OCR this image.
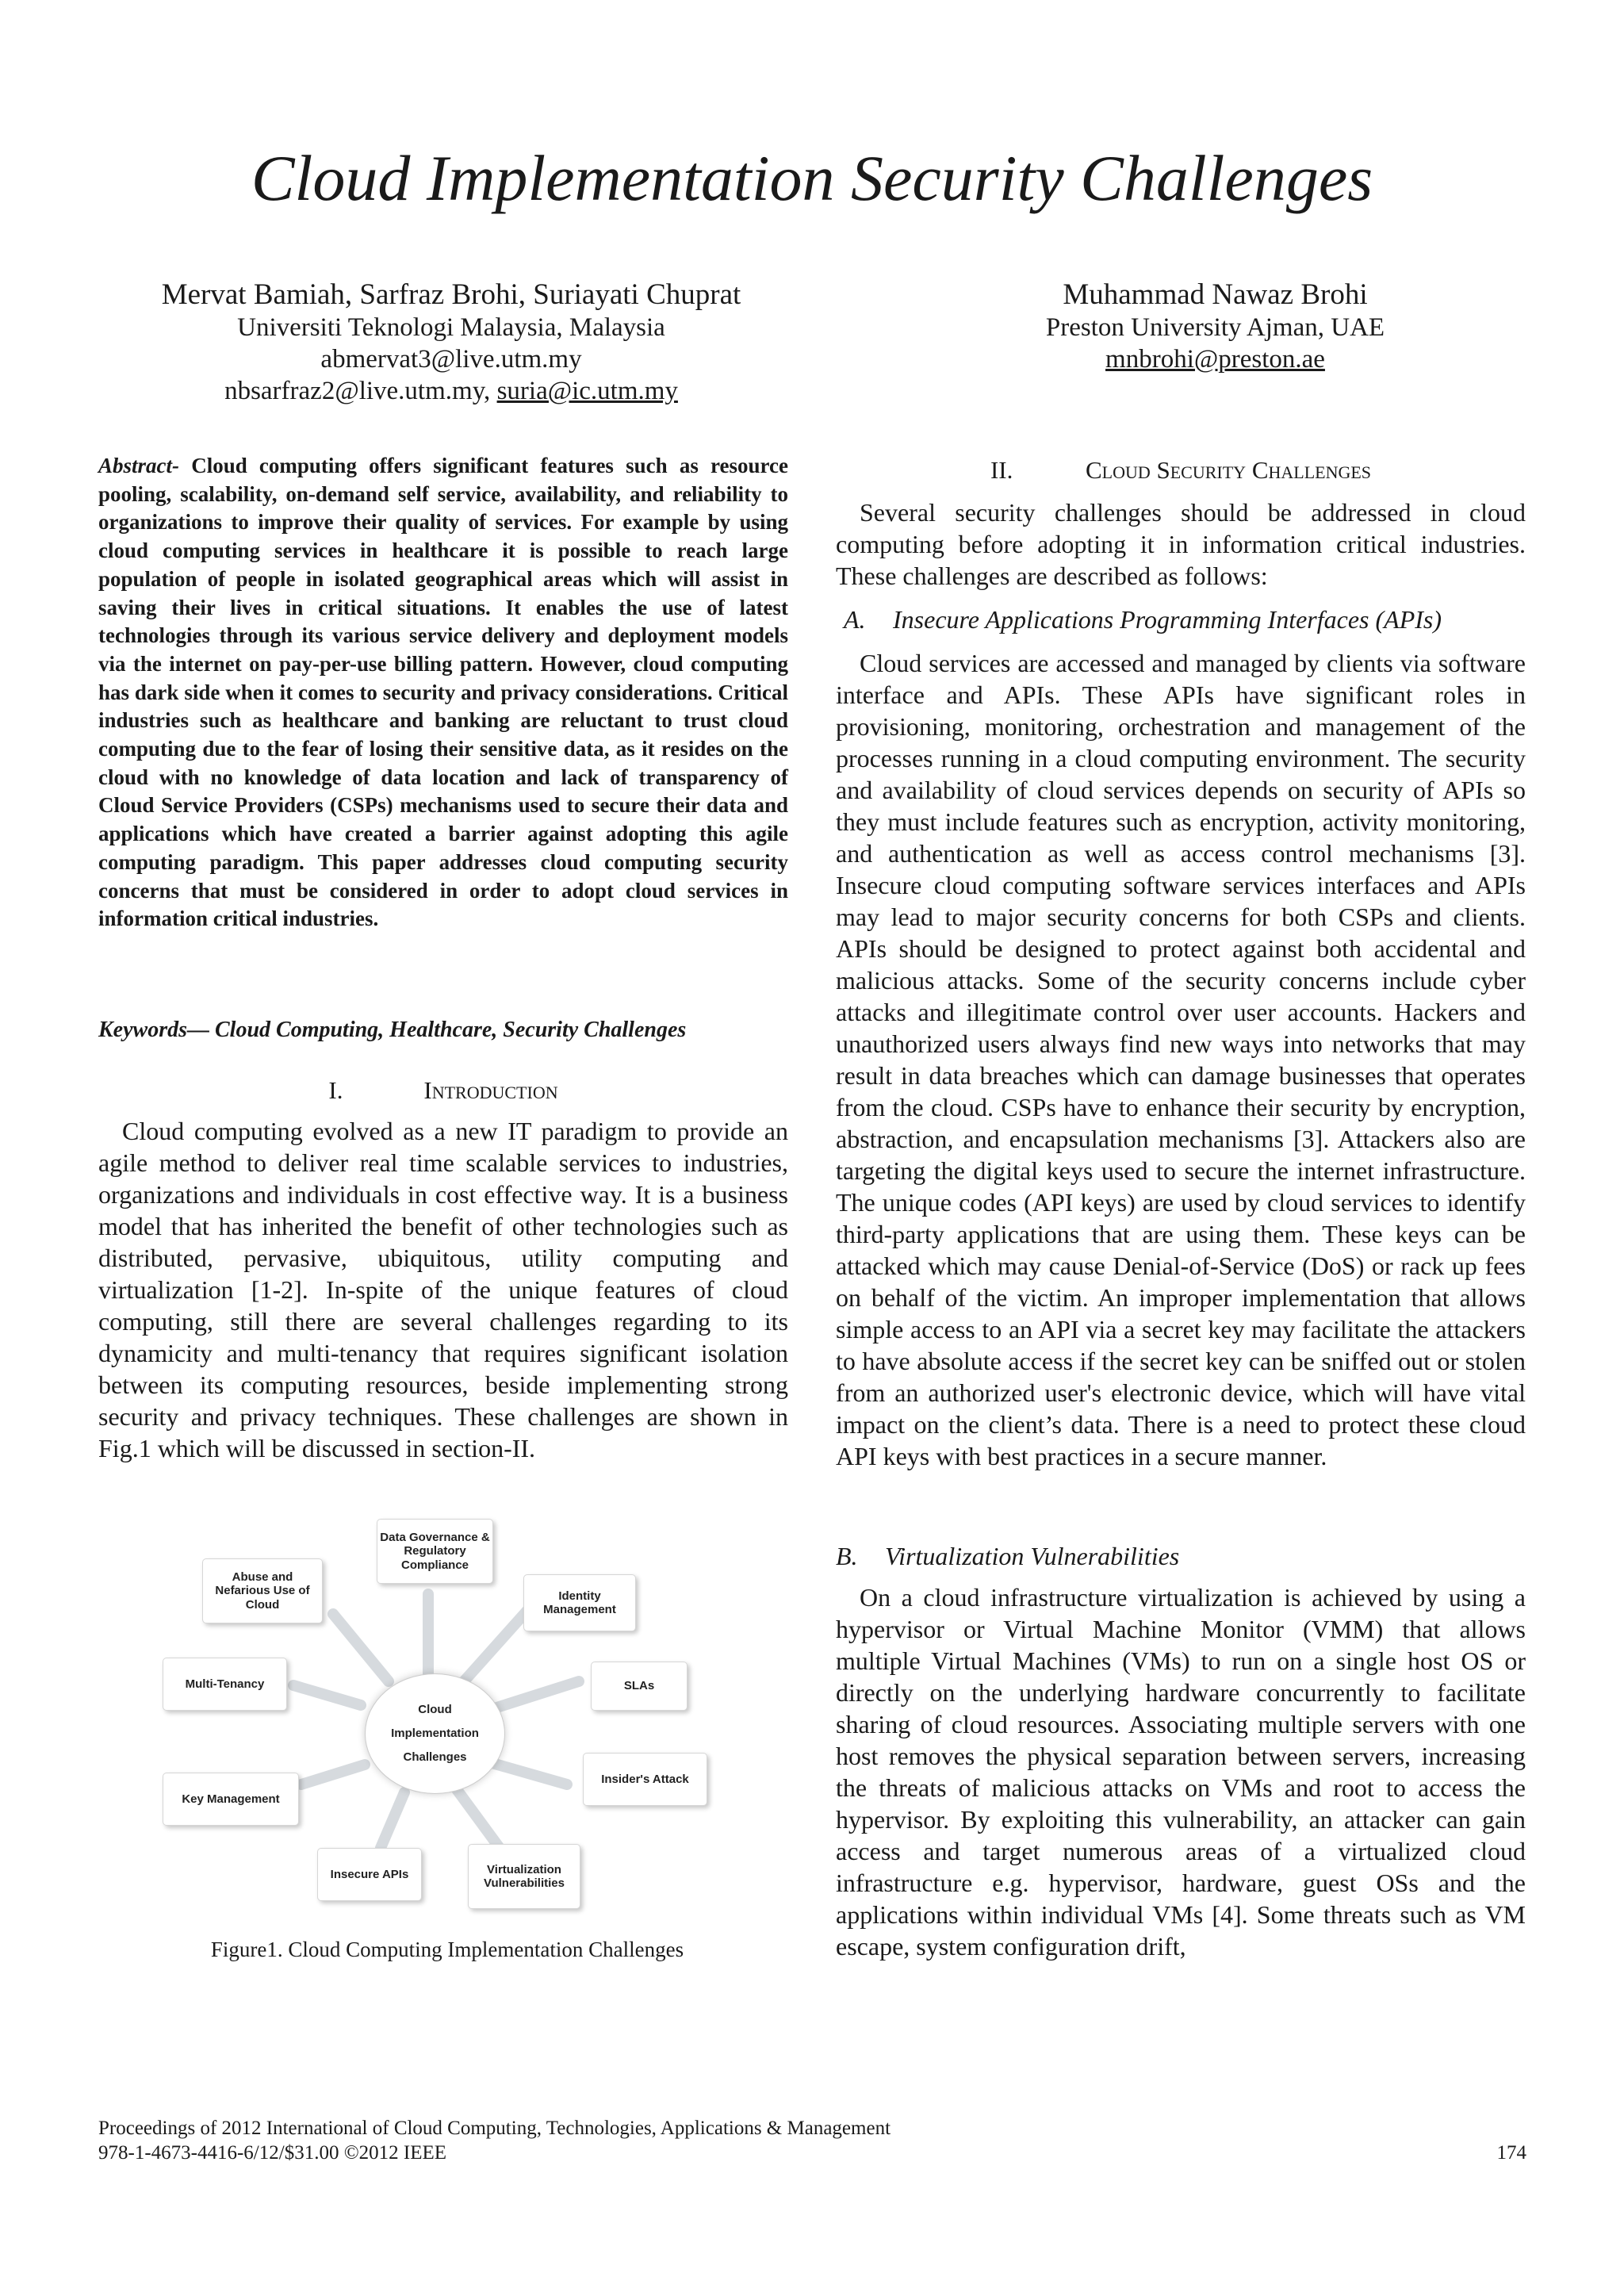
Cloud Implementation Security Challenges
Mervat Bamiah, Sarfraz Brohi, Suriayati Chuprat
Universiti Teknologi Malaysia, Malaysia
abmervat3@live.utm.my
nbsarfraz2@live.utm.my, suria@ic.utm.my
Muhammad Nawaz Brohi
Preston University Ajman, UAE
mnbrohi@preston.ae
Abstract- Cloud computing offers significant features such as resource pooling, scalability, on-demand self service, availability, and reliability to organizations to improve their quality of services. For example by using cloud computing services in healthcare it is possible to reach large population of people in isolated geographical areas which will assist in saving their lives in critical situations. It enables the use of latest technologies through its various service delivery and deployment models via the internet on pay-per-use billing pattern. However, cloud computing has dark side when it comes to security and privacy considerations. Critical industries such as healthcare and banking are reluctant to trust cloud computing due to the fear of losing their sensitive data, as it resides on the cloud with no knowledge of data location and lack of transparency of Cloud Service Providers (CSPs) mechanisms used to secure their data and applications which have created a barrier against adopting this agile computing paradigm. This paper addresses cloud computing security concerns that must be considered in order to adopt cloud services in information critical industries.
Keywords— Cloud Computing, Healthcare, Security Challenges
I.	Introduction

Cloud computing evolved as a new IT paradigm to provide an agile method to deliver real time scalable services to industries, organizations and individuals in cost effective way. It is a business model that has inherited the benefit of other technologies such as distributed, pervasive, ubiquitous, utility computing and virtualization [1-2]. In-spite of the unique features of cloud computing, still there are several challenges regarding to its dynamicity and multi-tenancy that requires significant isolation between its computing resources, beside implementing strong security and privacy techniques. These challenges are shown in Fig.1 which will be discussed in section-II.

Cloud
Implementation
Challenges
Data Governance & Regulatory Compliance
Identity Management
SLAs
Insider's Attack
Virtualization Vulnerabilities
Insecure APIs
Key Management
Multi-Tenancy
Abuse and Nefarious Use of Cloud
Figure1. Cloud Computing Implementation Challenges
II.	Cloud Security Challenges

Several security challenges should be addressed in cloud computing before adopting it in information critical industries. These challenges are described as follows:

A. Insecure Applications Programming Interfaces (APIs)

Cloud services are accessed and managed by clients via software interface and APIs. These APIs have significant roles in provisioning, monitoring, orchestration and management of the processes running in a cloud computing environment. The security and availability of cloud services depends on security of APIs so they must include features such as encryption, activity monitoring, and authentication as well as access control mechanisms [3]. Insecure cloud computing software services interfaces and APIs may lead to major security concerns for both CSPs and clients. APIs should be designed to protect against both accidental and malicious attacks. Some of the security concerns include cyber attacks and illegitimate control over user accounts. Hackers and unauthorized users always find new ways into networks that may result in data breaches which can damage businesses that operates from the cloud. CSPs have to enhance their security by encryption, abstraction, and encapsulation mechanisms [3]. Attackers also are targeting the digital keys used to secure the internet infrastructure. The unique codes (API keys) are used by cloud services to identify third-party applications that are using them. These keys can be attacked which may cause Denial-of-Service (DoS) or rack up fees on behalf of the victim. An improper implementation that allows simple access to an API via a secret key may facilitate the attackers to have absolute access if the secret key can be sniffed out or stolen from an authorized user's electronic device, which will have vital impact on the client’s data. There is a need to protect these cloud API keys with best practices in a secure manner.

B. Virtualization Vulnerabilities

On a cloud infrastructure virtualization is achieved by using a hypervisor or Virtual Machine Monitor (VMM) that allows multiple Virtual Machines (VMs) to run on a single host OS or directly on the underlying hardware concurrently to facilitate sharing of cloud resources. Associating multiple servers with one host removes the physical separation between servers, increasing the threats of malicious attacks on VMs and root to access the hypervisor. By exploiting this vulnerability, an attacker can gain access and target numerous areas of a virtualized cloud infrastructure e.g. hypervisor, hardware, guest OSs and the applications within individual VMs [4]. Some threats such as VM escape, system configuration drift,

Proceedings of 2012 International of Cloud Computing, Technologies, Applications & Management
978-1-4673-4416-6/12/$31.00 ©2012 IEEE	174
